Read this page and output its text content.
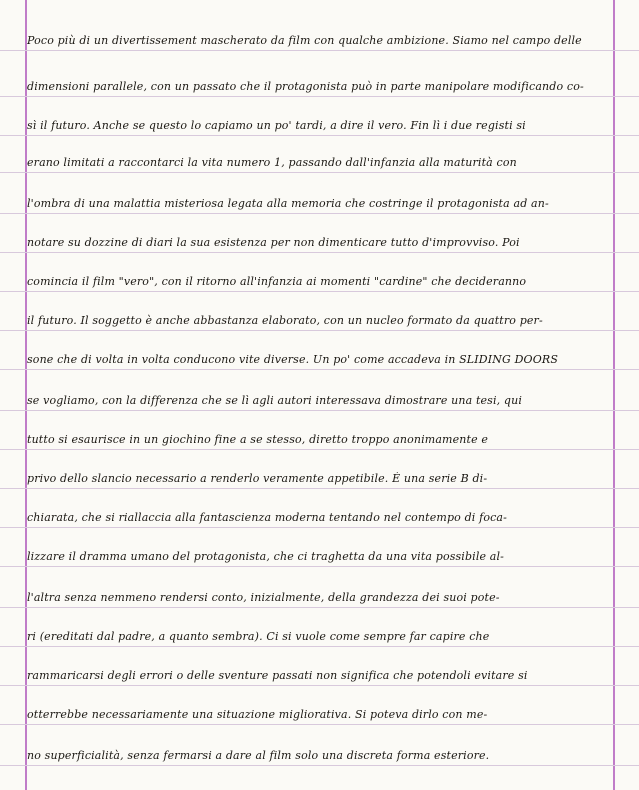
Poco più di un divertissement mascherato da film con qualche ambizione. Siamo nel campo delle
dimensioni parallele, con un passato che il protagonista può in parte manipolare modificando co-
sì il futuro. Anche se questo lo capiamo un po' tardi, a dire il vero. Fin lì i due registi si
erano limitati a raccontarci la vita numero 1, passando dall'infanzia alla maturità con
l'ombra di una malattia misteriosa legata alla memoria che costringe il protagonista ad an-
notare su dozzine di diari la sua esistenza per non dimenticare tutto d'improvviso. Poi
comincia il film "vero", con il ritorno all'infanzia ai momenti "cardine" che decideranno
il futuro. Il soggetto è anche abbastanza elaborato, con un nucleo formato da quattro per-
sone che di volta in volta conducono vite diverse. Un po' come accadeva in SLIDING DOORS
se vogliamo, con la differenza che se lì agli autori interessava dimostrare una tesi, qui
tutto si esaurisce in un giochino fine a se stesso, diretto troppo anonimamente e
privo dello slancio necessario a renderlo veramente appetibile. È una serie B di-
chiarata, che si riallaccia alla fantascienza moderna tentando nel contempo di foca-
lizzare il dramma umano del protagonista, che ci traghetta da una vita possibile al-
l'altra senza nemmeno rendersi conto, inizialmente, della grandezza dei suoi pote-
ri (ereditati dal padre, a quanto sembra). Ci si vuole come sempre far capire che
rammaricarsi degli errori o delle sventure passati non significa che potendoli evitare si
otterrebbe necessariamente una situazione migliorativa. Si poteva dirlo con me-
no superficialità, senza fermarsi a dare al film solo una discreta forma esteriore.
